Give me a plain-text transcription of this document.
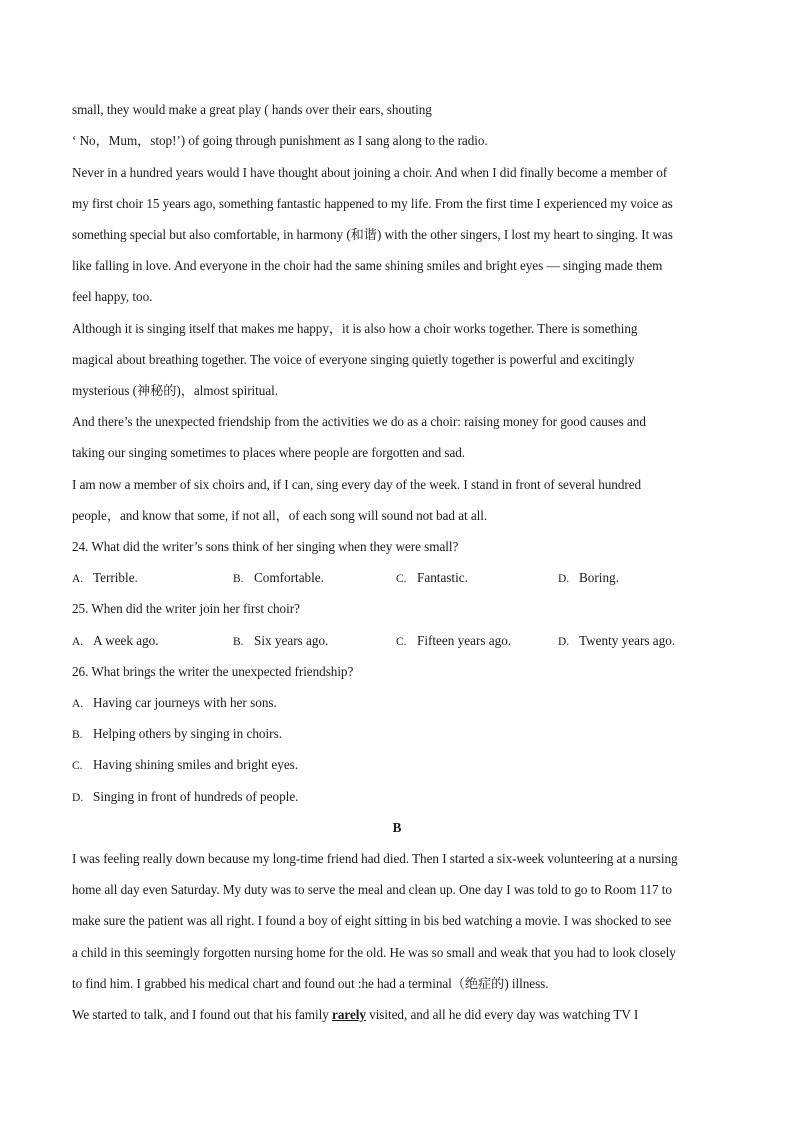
small, they would make a great play ( hands over their ears, shouting
‘ No，Mum，stop!’) of going through punishment as I sang along to the radio.
Never in a hundred years would I have thought about joining a choir. And when I did finally become a member of
my first choir 15 years ago, something fantastic happened to my life. From the first time I experienced my voice as
something special but also comfortable, in harmony (和谐) with the other singers, I lost my heart to singing. It was
like falling in love. And everyone in the choir had the same shining smiles and bright eyes — singing made them
feel happy, too.
Although it is singing itself that makes me happy，it is also how a choir works together. There is something
magical about breathing together. The voice of everyone singing quietly together is powerful and excitingly
mysterious (神秘的)，almost spiritual.
And there’s the unexpected friendship from the activities we do as a choir: raising money for good causes and
taking our singing sometimes to places where people are forgotten and sad.
I am now a member of six choirs and, if I can, sing every day of the week. I stand in front of several hundred
people，and know that some, if not all，of each song will sound not bad at all.
24. What did the writer’s sons think of her singing when they were small?
A. Terrible.	B. Comfortable.	C. Fantastic.	D. Boring.
25. When did the writer join her first choir?
A. A week ago.	B. Six years ago.	C. Fifteen years ago.	D. Twenty years ago.
26. What brings the writer the unexpected friendship?
A. Having car journeys with her sons.
B. Helping others by singing in choirs.
C. Having shining smiles and bright eyes.
D. Singing in front of hundreds of people.
B
I was feeling really down because my long-time friend had died. Then I started a six-week volunteering at a nursing
home all day even Saturday. My duty was to serve the meal and clean up. One day I was told to go to Room 117 to
make sure the patient was all right. I found a boy of eight sitting in bis bed watching a movie. I was shocked to see
a child in this seemingly forgotten nursing home for the old. He was so small and weak that you had to look closely
to find him. I grabbed his medical chart and found out :he had a terminal（绝症的) illness.
We started to talk, and I found out that his family rarely visited, and all he did every day was watching TV I
